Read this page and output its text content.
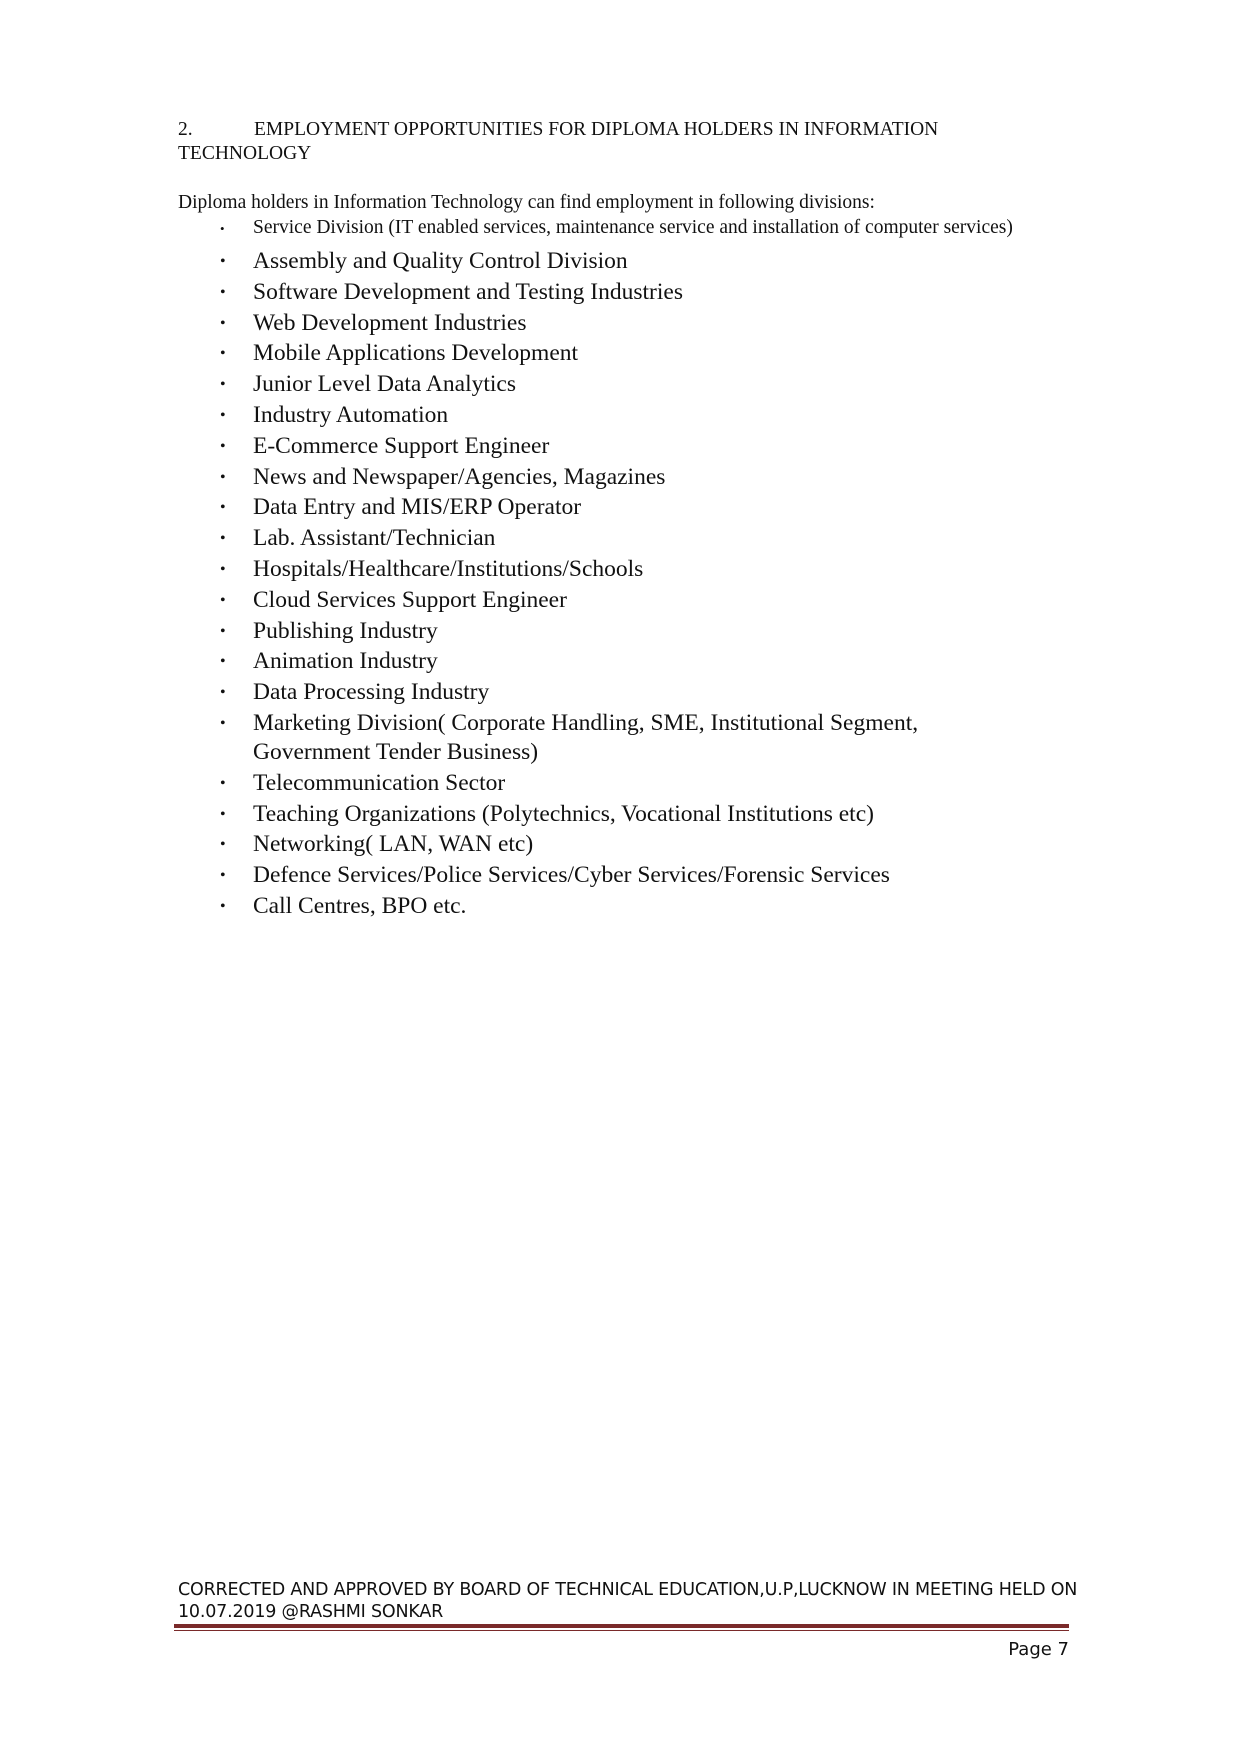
2.	EMPLOYMENT OPPORTUNITIES FOR DIPLOMA HOLDERS IN INFORMATION TECHNOLOGY
Diploma holders in Information Technology can find employment in following divisions:
• Service Division (IT enabled services, maintenance service and installation of computer services)
• Assembly and Quality Control Division
• Software Development and Testing Industries
• Web Development Industries
• Mobile Applications Development
• Junior Level Data Analytics
• Industry Automation
• E-Commerce Support Engineer
• News and Newspaper/Agencies, Magazines
• Data Entry and MIS/ERP Operator
• Lab. Assistant/Technician
• Hospitals/Healthcare/Institutions/Schools
• Cloud Services Support Engineer
• Publishing Industry
• Animation Industry
• Data Processing Industry
• Marketing Division( Corporate Handling, SME, Institutional Segment, Government Tender Business)
• Telecommunication Sector
• Teaching Organizations (Polytechnics, Vocational Institutions etc)
• Networking( LAN, WAN etc)
• Defence Services/Police Services/Cyber Services/Forensic Services
• Call Centres, BPO etc.
CORRECTED AND APPROVED BY BOARD OF TECHNICAL EDUCATION,U.P,LUCKNOW IN MEETING HELD ON 10.07.2019 @RASHMI SONKAR
Page 7
